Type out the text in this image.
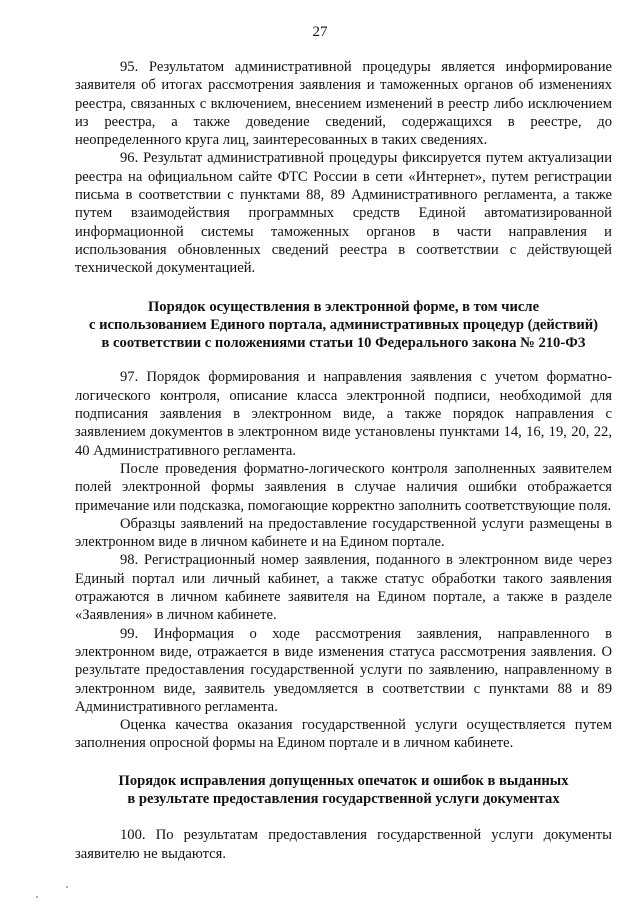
27

95. Результатом административной процедуры является информирование заявителя об итогах рассмотрения заявления и таможенных органов об изменениях реестра, связанных с включением, внесением изменений в реестр либо исключением из реестра, а также доведение сведений, содержащихся в реестре, до неопределенного круга лиц, заинтересованных в таких сведениях.

96. Результат административной процедуры фиксируется путем актуализации реестра на официальном сайте ФТС России в сети «Интернет», путем регистрации письма в соответствии с пунктами 88, 89 Административного регламента, а также путем взаимодействия программных средств Единой автоматизированной информационной системы таможенных органов в части направления и использования обновленных сведений реестра в соответствии с действующей технической документацией.

Порядок осуществления в электронной форме, в том числе
с использованием Единого портала, административных процедур (действий)
в соответствии с положениями статьи 10 Федерального закона № 210-ФЗ

97. Порядок формирования и направления заявления с учетом форматно-логического контроля, описание класса электронной подписи, необходимой для подписания заявления в электронном виде, а также порядок направления с заявлением документов в электронном виде установлены пунктами 14, 16, 19, 20, 22, 40 Административного регламента.

После проведения форматно-логического контроля заполненных заявителем полей электронной формы заявления в случае наличия ошибки отображается примечание или подсказка, помогающие корректно заполнить соответствующие поля.

Образцы заявлений на предоставление государственной услуги размещены в электронном виде в личном кабинете и на Едином портале.

98. Регистрационный номер заявления, поданного в электронном виде через Единый портал или личный кабинет, а также статус обработки такого заявления отражаются в личном кабинете заявителя на Едином портале, а также в разделе «Заявления» в личном кабинете.

99. Информация о ходе рассмотрения заявления, направленного в электронном виде, отражается в виде изменения статуса рассмотрения заявления. О результате предоставления государственной услуги по заявлению, направленному в электронном виде, заявитель уведомляется в соответствии с пунктами 88 и 89 Административного регламента.

Оценка качества оказания государственной услуги осуществляется путем заполнения опросной формы на Едином портале и в личном кабинете.

Порядок исправления допущенных опечаток и ошибок в выданных
в результате предоставления государственной услуги документах

100. По результатам предоставления государственной услуги документы заявителю не выдаются.
